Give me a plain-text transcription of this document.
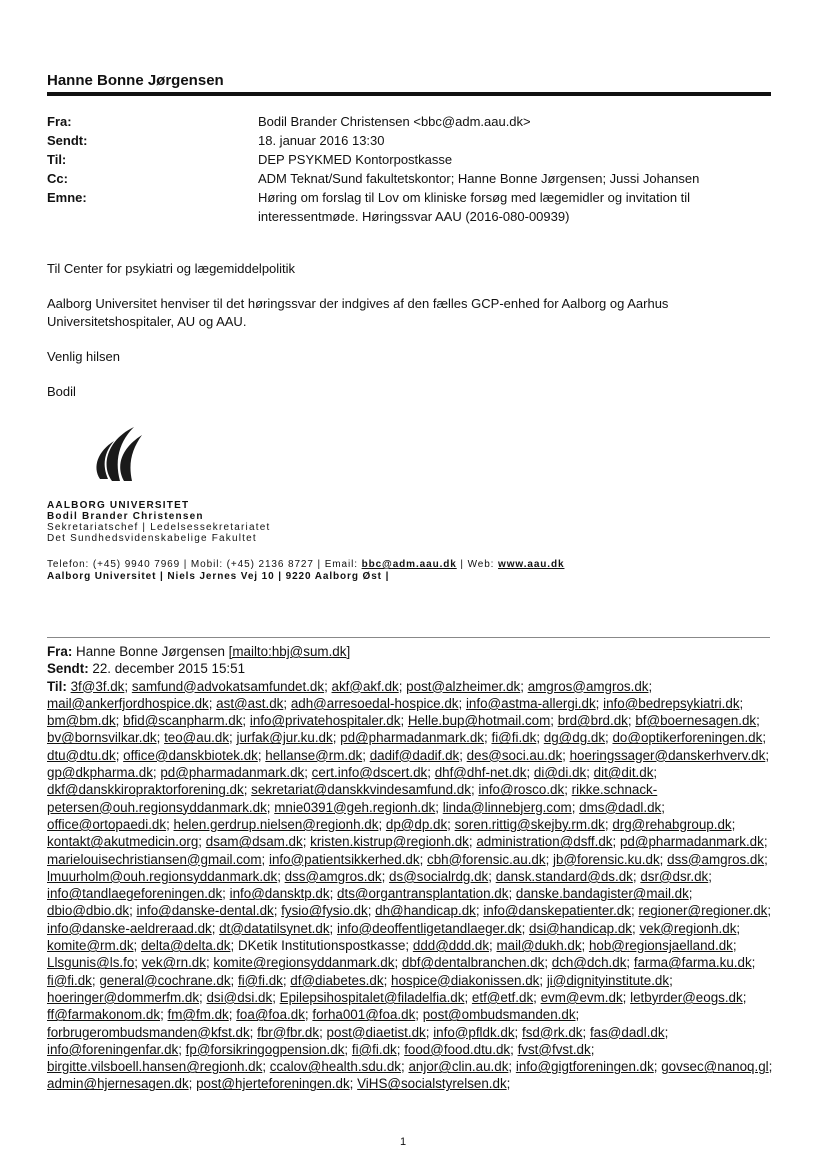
Hanne Bonne Jørgensen
Fra:	Bodil Brander Christensen <bbc@adm.aau.dk>
Sendt:	18. januar 2016 13:30
Til:	DEP PSYKMED Kontorpostkasse
Cc:	ADM Teknat/Sund fakultetskontor; Hanne Bonne Jørgensen; Jussi Johansen
Emne:	Høring om forslag til Lov om kliniske forsøg med lægemidler og invitation til interessentmøde. Høringssvar AAU (2016-080-00939)

Til Center for psykiatri og lægemiddelpolitik

Aalborg Universitet henviser til det høringssvar der indgives af den fælles GCP-enhed for Aalborg og Aarhus Universitetshospitaler, AU og AAU.

Venlig hilsen

Bodil

AALBORG UNIVERSITET
Bodil Brander Christensen
Sekretariatschef | Ledelsessekretariatet
Det Sundhedsvidenskabelige Fakultet
Telefon: (+45) 9940 7969 | Mobil: (+45) 2136 8727 | Email: bbc@adm.aau.dk | Web: www.aau.dk
Aalborg Universitet | Niels Jernes Vej 10 | 9220 Aalborg Øst |
Fra: Hanne Bonne Jørgensen [mailto:hbj@sum.dk]
Sendt: 22. december 2015 15:51
Til: 3f@3f.dk; samfund@advokatsamfundet.dk; akf@akf.dk; post@alzheimer.dk; amgros@amgros.dk; mail@ankerfjordhospice.dk; ast@ast.dk; adh@arresoedal-hospice.dk; info@astma-allergi.dk; info@bedrepsykiatri.dk; bm@bm.dk; bfid@scanpharm.dk; info@privatehospitaler.dk; Helle.bup@hotmail.com; brd@brd.dk; bf@boernesagen.dk; bv@bornsvilkar.dk; teo@au.dk; jurfak@jur.ku.dk; pd@pharmadanmark.dk; fi@fi.dk; dg@dg.dk; do@optikerforeningen.dk; dtu@dtu.dk; office@danskbiotek.dk; hellanse@rm.dk; dadif@dadif.dk; des@soci.au.dk; hoeringssager@danskerhverv.dk; gp@dkpharma.dk; pd@pharmadanmark.dk; cert.info@dscert.dk; dhf@dhf-net.dk; di@di.dk; dit@dit.dk; dkf@danskkiropraktorforening.dk; sekretariat@danskkvindesamfund.dk; info@rosco.dk; rikke.schnack-petersen@ouh.regionsyddanmark.dk; mnie0391@geh.regionh.dk; linda@linnebjerg.com; dms@dadl.dk; office@ortopaedi.dk; helen.gerdrup.nielsen@regionh.dk; dp@dp.dk; soren.rittig@skejby.rm.dk; drg@rehabgroup.dk; kontakt@akutmedicin.org; dsam@dsam.dk; kristen.kistrup@regionh.dk; administration@dsff.dk; pd@pharmadanmark.dk; marielouisechristiansen@gmail.com; info@patientsikkerhed.dk; cbh@forensic.au.dk; jb@forensic.ku.dk; dss@amgros.dk; lmuurholm@ouh.regionsyddanmark.dk; dss@amgros.dk; ds@socialrdg.dk; dansk.standard@ds.dk; dsr@dsr.dk; info@tandlaegeforeningen.dk; info@dansktp.dk; dts@organtransplantation.dk; danske.bandagister@mail.dk; dbio@dbio.dk; info@danske-dental.dk; fysio@fysio.dk; dh@handicap.dk; info@danskepatienter.dk; regioner@regioner.dk; info@danske-aeldreraad.dk; dt@datatilsynet.dk; info@deoffentligetandlaeger.dk; dsi@handicap.dk; vek@regionh.dk; komite@rm.dk; delta@delta.dk; DKetik Institutionspostkasse; ddd@ddd.dk; mail@dukh.dk; hob@regionsjaelland.dk; Llsgunis@ls.fo; vek@rn.dk; komite@regionsyddanmark.dk; dbf@dentalbranchen.dk; dch@dch.dk; farma@farma.ku.dk; fi@fi.dk; general@cochrane.dk; fi@fi.dk; df@diabetes.dk; hospice@diakonissen.dk; ji@dignityinstitute.dk; hoeringer@dommerfm.dk; dsi@dsi.dk; Epilepsihospitalet@filadelfia.dk; etf@etf.dk; evm@evm.dk; letbyrder@eogs.dk; ff@farmakonom.dk; fm@fm.dk; foa@foa.dk; forha001@foa.dk; post@ombudsmanden.dk; forbrugerombudsmanden@kfst.dk; fbr@fbr.dk; post@diaetist.dk; info@pfldk.dk; fsd@rk.dk; fas@dadl.dk; info@foreningenfar.dk; fp@forsikringogpension.dk; fi@fi.dk; food@food.dtu.dk; fvst@fvst.dk; birgitte.vilsboell.hansen@regionh.dk; ccalov@health.sdu.dk; anjor@clin.au.dk; info@gigtforeningen.dk; govsec@nanoq.gl; admin@hjernesagen.dk; post@hjerteforeningen.dk; ViHS@socialstyrelsen.dk;
1
